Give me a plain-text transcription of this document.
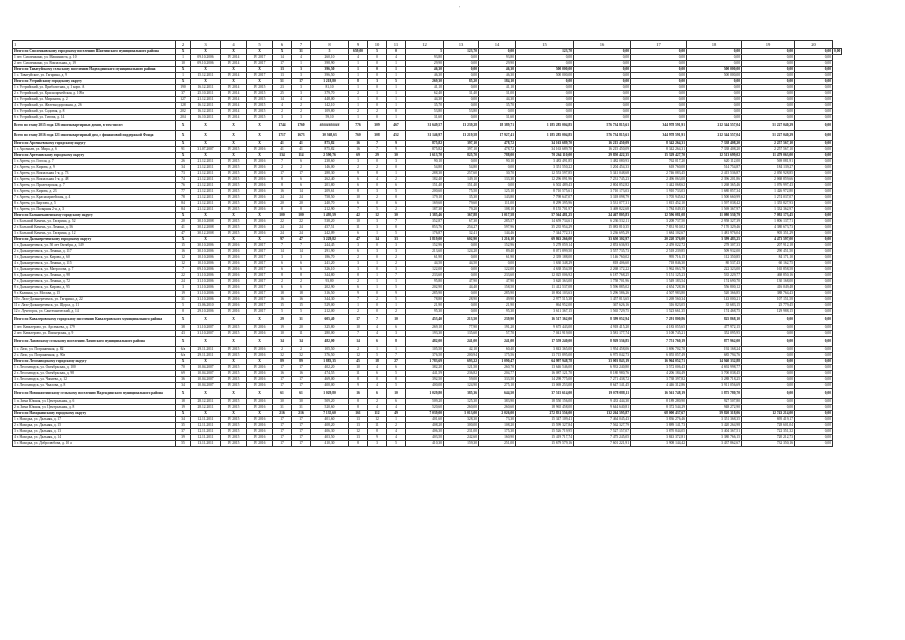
'
1	2	3	4	5	6	7	8	9	10	11	12	13	14	15	16	17	18	19	20	
Итого по Смоленковскому городскому поселению Шахтинского муниципального района	X	X	X	X	X	31	5	659,00	5	0	5	123,70	0,00	123,70	0,00	0,00	0,00	0,00	0,00	0,00
1 пгт. Смоленкино, ул. Машиниста, д. 10	1	09.10.2006	IV 2014	IV 2017	14	4	260,10	4	0	4	93,80	0,00	93,80	0,00	0,00	0,00	0,00	0,00	0,00	
2 пгт. Смоленкино, ул. Вокзальная, д. 19	10	09.10.2006	IV 2014	IV 2017	17	1	398,90	1	0	1	29,90	0,00	29,90	0,00	0,00	0,00	0,00	0,00	0,00	
Итого по Таватуйскому сельскому поселению Надеждинского муниципального района	X	X	X	X	13	3	396,50	1	0	1	46,30	0,00	46,30	500 000,00	0,00	0,00	500 000,00	0,00	0,00	
1 с. Таватуйское, ул. Гагарина, д. 9	1	15.12.2011	IV 2014	IV 2017	13	3	396,50	1	0	1	46,30	0,00	46,30	500 000,00	0,00	0,00	500 000,00	0,00	0,00	
Итого по Устрийскому городскому округу	X	X	X	X	51	17	1 218,80	8	3	5	269,30	85,20	184,10	0,00	0,00	0,00	0,00	0,00	0,00	
1 г. Устрийский, ул. Приболотная, д. 1 корп. А	190	16.12.2011	IV 2014	IV 2015	23	3	81,10	1	0	1	41,10	0,00	41,10	0,00	0,00	0,00	0,00	0,00	0,00	
2 г. Устрийский, ул. Красноармейская, д. 109а	37	25.10.2011	IV 2014	IV 2015	25	3	379,70	2	1	1	62,40	31,40	31,00	0,00	0,00	0,00	0,00	0,00	0,00	
3 г. Устрийский, ул. Миронова, д. 2	127	21.12.2011	IV 2014	IV 2015	14	4	448,00	1	0	1	44,30	0,00	44,30	0,00	0,00	0,00	0,00	0,00	0,00	
4 г. Устрийский, ул. Железнодорожная, д. 26	128	16.12.2011	IV 2014	IV 2015	4	2	142,10	1	0	1	35,70	0,00	35,70	0,00	0,00	0,00	0,00	0,00	0,00	
5 г. Устрийский, ул. Садовая, д. 8	202	16.12.2011	IV 2014	IV 2015	2	2	109,80	2	2	0	53,80	53,80	0,00	0,00	0,00	0,00	0,00	0,00	0,00	
6 г. Устрийский, ул. Титова, д. 14	204	16.10.2011	IV 2014	IV 2015	3	3	59,10	1	0	1	31,60	0,00	31,60	0,00	0,00	0,00	0,00	0,00	0,00	
Всего по этапу 2015 года 126 многоквартирных домов, в том числе:	X	X	X	X	1744	1760	###########	776	309	467	31 649,57	13 239,28	18 389,71	1 185 285 004,85	576 734 815,61	344 978 591,91	212 344 557,04	51 227 040,29	0,00	
Всего по этапу 2016 года 121 многоквартирный дом, с финансовой поддержкой Фонда	X	X	X	X	1717	1673	30 368,63	760	308	452	31 146,97	13 219,58	17 927,41	1 185 285 004,85	576 734 815,61	344 978 591,91	212 344 557,04	51 227 040,29	0,00	
Итого по Арсеньевскому городскому округу	X	X	X	X	41	41	875,82	16	7	9	875,82	397,10	478,72	34 163 689,70	16 215 450,09	8 342 264,31	7 338 408,20	2 257 567,10	0,00	
1 г. Арсеньев, ул. Мира, д. 6	91	31.07.2007	IV 2015	IV 2016	41	41	875,82	16	7	9	875,82	397,10	478,72	34 163 689,70	16 215 450,09	8 342 264,31	7 338 408,20	2 257 567,10	0,00	
Итого по Артемовскому городскому округу	X	X	X	X	134	114	2 590,76	69	29	30	1 613,70	825,70	788,00	70 264 110,00	29 850 422,35	15 329 427,70	12 513 699,02	11 479 063,00	0,00	
1 г. Артем, ул. Гоголя, д. 7	26	21.12.2011	IV 2015	IV 2016	7	6	238,60	3	0	3	90,10	0,00	90,10	3 483 491,85	1 482 080,93	762 017,20	620 112,00	569 081,91	0,00	
2 г. Артем, ул. Кирова, д. 9	34	21.12.2011	IV 2015	IV 2016	2	2	146,00	2	2	0	54,80	54,80	0,00	3 351 550,22	1 204 454,33	618 760,00	514 754,87	184 139,27	0,00	
3 г. Артем, ул. Вокзальная 1-я, д. 73	73	21.12.2011	IV 2015	IV 2016	17	17	288,30	9	8	1	288,30	257,60	30,70	12 553 597,85	5 341 048,68	2 746 083,45	2 415 536,87	2 050 928,85	0,00	
4 г. Артем, ул. Вокзальная 1-я, д. 48	74	21.12.2011	IV 2015	IV 2016	8	6	262,40	6	4	2	182,40	149,10	133,30	12 296 091,96	7 231 745,23	2 496 063,00	2 396 201,86	2 068 859,66	0,00	
5 г. Артем, ул. Пролетарская, д. 7	76	21.12.2011	IV 2015	IV 2016	8	6	201,80	6	0	6	151,40	151,40	0,00	6 502 489,43	2 804 852,82	1 442 068,62	1 268 365,46	1 076 997,43	0,00	
6 г. Артем, ул. Кирова, д. 23	77	21.12.2011	IV 2015	IV 2016	16	14	209,61	8	3	5	200,60	75,50	125,10	8 710 575,61	3 710 173,03	1 910 733,03	1 680 857,34	1 426 972,80	0,00	
7 г. Артем, ул. Красноармейская, д. 4	78	21.12.2011	IV 2015	IV 2016	24	24	758,50	10	2	8	179,10	35,30	143,80	7 798 647,07	3 318 098,79	1 705 945,62	1 500 660,99	1 274 037,07	0,00	
8 г. Артем, ул. Бирзова, д. 5	84	21.12.2011	IV 2015	IV 2016	20	20	240,70	6	0	6	169,60	79,60	111,00	8 299 395,96	3 531 077,31	1 815 452,10	1 597 038,42	1 355 827,93	0,00	
9 г. Артем, ул. Полярная 2-я, д. 3	84	21.12.2011	IV 2015	IV 2016	8	8	212,90	7	5	2	187,30	79,20	108,10	8 155 701,97	3 469 822,68	1 784 049,35	1 569 367,97	1 332 362,97	0,00	
Итого по Большекаменскому городскому округу	X	X	X	X	100	100	1 495,59	42	12	30	1 385,46	367,88	1 017,58	57 564 481,25	24 467 805,83	12 596 081,08	11 080 530,79	7 092 173,45	0,00	
1 г. Большой Камень, ул. Гагарина, д. 52	20	30.10.2008	IV 2015	IV 2016	22	22	538,20	10	3	7	352,87	67,30	285,57	14 659 734,61	6 236 532,11	3 208 737,50	2 958 327,39	1 806 137,71	0,00	
2 г. Большой Камень, ул. Ленина, д. 56	41	30.12.2008	IV 2015	IV 2016	24	24	457,51	11	3	8	853,76	254,27	597,96	35 235 954,29	15 083 810,35	7 831 910,02	7 170 329,46	4 380 673,73	0,00	
3 г. Большой Камень, ул. Гагарина, д. 12	47	30.12.2008	IV 2015	IV 2016	24	24	242,09	6	1	5	176,87	32,41	144,46	7 344 772,31	3 236 695,29	1 684 102,67	1 481 976,04	905 351,29	0,00	
Итого по Дальнереченскому городскому округу	X	X	X	X	97	47	3 229,82	47	14	33	1 819,00	602,90	1 216,10	69 863 266,00	33 650 302,97	20 220 376,00	3 399 483,25	4 473 597,00	0,00	
1 г. Дальнереченск, ул. 50 лет Октября, д. 149	15	30.10.2006	IV 2016	IV 2017	7	7	244,45	3	0	3	152,96	0,00	152,96	5 278 059,14	2 853 636,93	2 459 022,72	278 307,33	207 912,18	0,00	
2 г. Дальнереченск, ул. Ленина, д. 117	16	30.10.2006	IV 2016	IV 2017	14	14	291,90	6	3	3	213,60	124,20	89,40	8 071 899,50	3 557 735,73	2 518 239,85	509 932,00	290 451,50	0,00	
3 г. Дальнереченск, ул. Кирова, д. 60	12	10.10.2006	IV 2016	IV 2017	3	3	186,70	2	0	2	61,90	0,00	61,90	2 339 188,00	1 146 760,02	995 716,15	112 350,85	84 171,10	0,00	
4 г. Дальнереченск, ул. Ленина, д. 115	12	10.10.2006	IV 2016	IV 2017	6	6	241,20	3	1	2	44,50	44,50	0,00	1 630 348,29	818 406,60	718 846,30	80 537,43	60 162,75	0,00	
5 г. Дальнереченск, ул. Матросова, д. 7	7	09.10.2006	IV 2016	IV 2017	6	6	326,10	3	0	3	122,00	0,00	122,00	4 638 354,58	2 268 172,22	1 962 063,78	222 323,00	165 858,58	0,00	
6 г. Дальнереченск, ул. Ленина, д. 98	22	31.10.2006	IV 2016	IV 2017	8	8	344,80	8	1	7	233,60	0,00	233,60	12 025 006,92	6 187 768,25	5 151 125,23	535 229,77	468 850,16	0,00	
7 г. Дальнереченск, ул. Ленина, д. 72	24	31.10.2006	IV 2016	IV 2017	2	2	93,80	2	1	1	95,80	47,90	47,90	3 620 363,00	1 758 701,96	1 549 183,54	174 690,70	130 168,00	0,00	
8 г. Дальнереченск, ул. Кирова, д. 95	3	31.10.2006	IV 2016	IV 2017	6	6	202,90	6	1	5	202,90	44,40	158,50	11 412 537,08	5 596 885,02	4 654 728,36	556 800,12	416 049,48	0,00	
9 г. Калинка, ул. Москва, д. 15	19	31.10.2006	IV 2016	IV 2017	18	18	316,50	9	0	9	285,90	0,00	285,90	10 804 103,63	5 296 586,26	4 507 983,80	520 366,85	388 764,43	0,00	
10 г. Лазо-Дальнереченск, ул. Гагарина, д. 22	31	31.10.2006	IV 2016	IV 2017	16	16	344,30	7	2	5	78,80	28,90	49,90	2 977 515,38	1 457 813,65	1 269 560,34	143 000,21	107 151,58	0,00	
11 г. Лазо-Дальнереченск, ул. Щорса, д. 11	5	13.06.2010	IV 2016	IV 2017	15	15	529,00	1	0	1	21,90	0,00	21,90	864 952,00	367 626,16	316 823,05	35 683,15	25 779,45	0,00	
12 г. Лучегорск, ул. Сантехнический, д. 14	8	29.10.2006	IV 2016	IV 2017	5	5	212,00	2	0	2	95,30	0,00	95,30	3 611 367,15	1 565 729,75	1 523 661,35	174 468,75	129 988,15	0,00	
Итого по Кавалеровскому городскому поселению Кавалеровского муниципального района	X	X	X	X	29	31	605,40	17	7	10	453,40	213,50	239,90	16 517 362,00	8 399 052,94	7 291 800,86	825 868,10	0,00	0,00	
1 пгт. Кавалерово, ул. Арсеньева, д. 179	38	31.10.2007	IV 2015	IV 2016	19	20	325,80	10	4	6	269,10	77,90	191,20	9 675 443,00	4 918 415,20	4 183 055,65	477 972,15	0,00	0,00	
2 пгт. Кавалерово, ул. Пионерская, д. 9	43	31.10.2007	IV 2015	IV 2016	10	11	280,00	7	4	3	193,30	135,60	57,70	7 041 919,00	3 581 177,74	3 108 745,21	352 095,95	0,00	0,00	
Итого по Лазовскому сельскому поселению Лазовского муниципального района	X	X	X	X	34	34	482,00	14	6	8	482,00	241,00	241,00	17 559 240,00	8 929 536,85	7 751 760,19	877 962,00	0,00	0,00	
1 с. Лазо, ул. Пограничная, д. 82	6/а	29.11.2011	IV 2015	IV 2016	2	2	105,50	2	1	1	105,50	42,10	60,40	3 843 365,00	1 954 458,06	1 696 702,70	192 168,24	0,00	0,00	
2 с. Лазо, ул. Пограничная, д. 90а	6/а	29.11.2011	IV 2015	IV 2016	32	32	376,50	12	5	7	376,50	200,94	175,56	13 715 895,00	6 975 042,73	6 055 057,49	685 794,76	0,00	0,00	
Итого по Лесозаводскому городскому округу	X	X	X	X	89	89	1 883,35	45	18	27	1 783,69	693,22	1 090,47	64 997 948,78	33 003 843,19	16 964 052,71	14 940 332,88	0,00	0,00	
1 г. Лесозаводск, ул. Октябрьская, д. 100	70	10.04.2007	IV 2015	IV 2016	17	17	402,20	10	4	6	382,20	121,50	260,70	13 646 546,00	6 933 240,80	3 572 006,43	4 692 998,77	0,00	0,00	
2 г. Лесозаводск, ул. Октябрьская, д. 98	69	10.04.2007	IV 2015	IV 2016	16	16	474,55	11	6	5	441,59	236,82	204,77	16 087 121,70	8 180 980,76	4 206 184,49	3 700 038,45	0,00	0,00	
3 г. Лесозаводск, ул. Чапаева, д. 12	36	10.04.2007	IV 2015	IV 2016	17	17	469,00	8	0	8	392,50	59,00	333,50	14 298 775,00	7 271 438,72	3 738 397,82	3 288 718,25	0,00	0,00	
4 г. Лесозаводск, ул. Чкалова, д. 8	34	10.04.2007	IV 2015	IV 2016	17	17	400,00	9	4	5	400,00	124,90	275,10	13 069 253,00	8 647 141,45	4 446 312,86	3 911 056,69	0,00	0,00	
Итого по Новошахтинскому сельскому поселению Надеждинского муниципального района	X	X	X	X	61	61	1 029,80	16	6	10	1 029,80	385,36	644,50	37 515 614,00	19 078 088,11	16 561 748,19	1 875 780,70	0,00	0,00	
1 п. Зима Южная, ул. Центральная, д. 6	18	28.12.2011	IV 2015	IV 2016	30	30	509,20	8	2	6	509,20	125,30	383,90	18 550 156,00	9 433 444,30	8 189 280,90	927 507,80	0,00	0,00	
2 п. Зима Южная, ул. Центральная, д. 8	19	28.12.2011	IV 2015	IV 2016	31	31	520,60	8	4	4	520,60	260,00	260,60	18 965 458,00	9 644 640,81	8 372 544,29	948 272,90	0,00	0,00	
Итого по Находкинскому городскому округу	X	X	X	X	216	216	7 135,60	161	112	49	7 039,00	5 013,00	2 026,00	272 831 556,00	132 264 595,87	68 000 437,67	59 820 318,06	12 743 214,00	0,00	
1 г. Находка, ул. Дальняя, д. 17	34	12.11.2011	IV 2015	IV 2016	17	17	401,60	13	12	1	401,60	328,30	73,30	15 347 109,41	7 464 045,43	3 836 276,46	3 351 368,35	695 419,17	0,00	
2 г. Находка, ул. Дальняя, д. 15	35	12.11.2011	IV 2015	IV 2016	17	17	408,20	13	11	2	408,20	300,00	108,20	15 599 327,84	7 562 327,79	3 889 141,73	3 420 264,98	728 601,04	0,00	
3 г. Находка, ул. Дальняя, д. 13	37	12.11.2011	IV 2015	IV 2016	17	17	406,30	12	8	4	406,30	231,00	175,30	15 526 719,95	7 527 157,07	3 870 844,05	3 404 367,51	722 351,32	0,00	
4 г. Находка, ул. Дальняя, д. 14	39	12.11.2011	IV 2015	IV 2016	17	17	403,50	13	9	4	403,50	242,60	160,90	15 419 717,74	7 475 245,05	3 843 372,81	3 380 766,15	720 212,73	0,00	
5 г. Находка, ул. Добролюбова, д. 10 а	55	13.11.2011	IV 2015	IV 2016	17	17	410,30	8	3	5	410,30	159,30	251,00	15 679 579,16	7 601 221,91	3 908 144,42	3 437 862,67	732 350,16	0,00	
